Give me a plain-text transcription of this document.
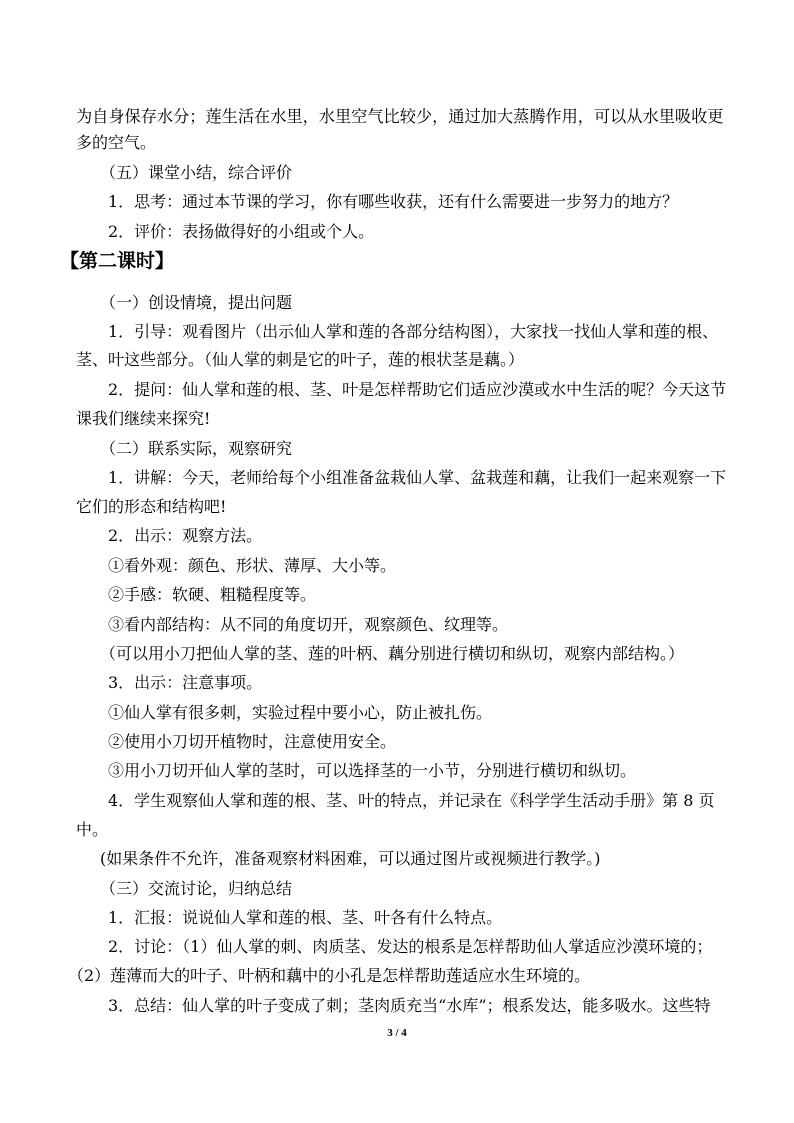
为自身保存水分；莲生活在水里，水里空气比较少，通过加大蒸腾作用，可以从水里吸收更
多的空气。
（五）课堂小结，综合评价
1．思考：通过本节课的学习，你有哪些收获，还有什么需要进一步努力的地方？
2．评价：表扬做得好的小组或个人。
【第二课时】
（一）创设情境，提出问题
1．引导：观看图片（出示仙人掌和莲的各部分结构图），大家找一找仙人掌和莲的根、
茎、叶这些部分。（仙人掌的刺是它的叶子，莲的根状茎是藕。）
2．提问：仙人掌和莲的根、茎、叶是怎样帮助它们适应沙漠或水中生活的呢？今天这节
课我们继续来探究!
（二）联系实际，观察研究
1．讲解：今天，老师给每个小组准备盆栽仙人掌、盆栽莲和藕，让我们一起来观察一下
它们的形态和结构吧!
2．出示：观察方法。
①看外观：颜色、形状、薄厚、大小等。
②手感：软硬、粗糙程度等。
③看内部结构：从不同的角度切开，观察颜色、纹理等。
（可以用小刀把仙人掌的茎、莲的叶柄、藕分别进行横切和纵切，观察内部结构。）
3．出示：注意事项。
①仙人掌有很多刺，实验过程中要小心，防止被扎伤。
②使用小刀切开植物时，注意使用安全。
③用小刀切开仙人掌的茎时，可以选择茎的一小节，分别进行横切和纵切。
4．学生观察仙人掌和莲的根、茎、叶的特点，并记录在《科学学生活动手册》第 8 页
中。
(如果条件不允许，准备观察材料困难，可以通过图片或视频进行教学。)
（三）交流讨论，归纳总结
1．汇报：说说仙人掌和莲的根、茎、叶各有什么特点。
2．讨论：（1）仙人掌的刺、肉质茎、发达的根系是怎样帮助仙人掌适应沙漠环境的；
（2）莲薄而大的叶子、叶柄和藕中的小孔是怎样帮助莲适应水生环境的。
3．总结：仙人掌的叶子变成了刺；茎肉质充当“水库”；根系发达，能多吸水。这些特
3 / 4
